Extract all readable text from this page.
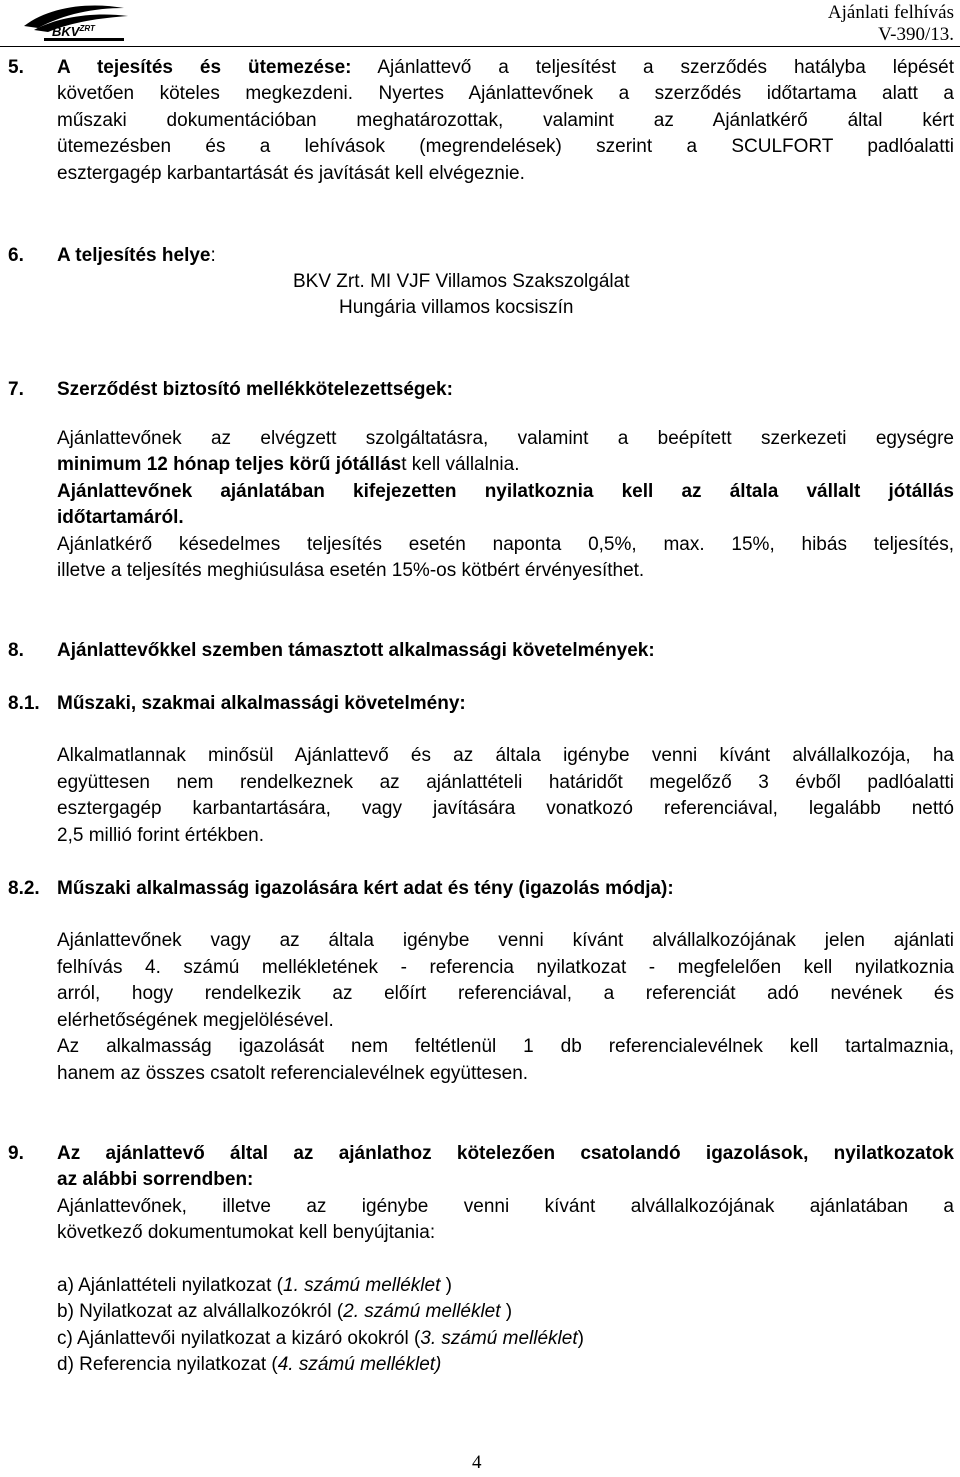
$BKV^{ZRT}$
Ajánlati felhívás
V-390/13.
5. A tejesítés és ütemezése: Ajánlattevő a teljesítést a szerződés hatályba lépését
követően köteles megkezdeni. Nyertes Ajánlattevőnek a szerződés időtartama alatt a
műszaki dokumentációban meghatározottak, valamint az Ajánlatkérő által kért
ütemezésben és a lehívások (megrendelések) szerint a SCULFORT padlóalatti
esztergagép karbantartását és javítását kell elvégeznie.
6. A teljesítés helye:
BKV Zrt. MI VJF Villamos Szakszolgálat
Hungária villamos kocsiszín
7. Szerződést biztosító mellékkötelezettségek:
Ajánlattevőnek az elvégzett szolgáltatásra, valamint a beépített szerkezeti egységre
minimum 12 hónap teljes körű jótállást kell vállalnia.
Ajánlattevőnek ajánlatában kifejezetten nyilatkoznia kell az általa vállalt jótállás
időtartamáról.
Ajánlatkérő késedelmes teljesítés esetén naponta 0,5%, max. 15%, hibás teljesítés,
illetve a teljesítés meghiúsulása esetén 15%-os kötbért érvényesíthet.
8. Ajánlattevőkkel szemben támasztott alkalmassági követelmények:
8.1. Műszaki, szakmai alkalmassági követelmény:
Alkalmatlannak minősül Ajánlattevő és az általa igénybe venni kívánt alvállalkozója, ha
együttesen nem rendelkeznek az ajánlattételi határidőt megelőző 3 évből padlóalatti
esztergagép karbantartására, vagy javítására vonatkozó referenciával, legalább nettó
2,5 millió forint értékben.
8.2. Műszaki alkalmasság igazolására kért adat és tény (igazolás módja):
Ajánlattevőnek vagy az általa igénybe venni kívánt alvállalkozójának jelen ajánlati
felhívás 4. számú mellékletének - referencia nyilatkozat - megfelelően kell nyilatkoznia
arról, hogy rendelkezik az előírt referenciával, a referenciát adó nevének és
elérhetőségének megjelölésével.
Az alkalmasság igazolását nem feltétlenül 1 db referencialevélnek kell tartalmaznia,
hanem az összes csatolt referencialevélnek együttesen.
9. Az ajánlattevő által az ajánlathoz kötelezően csatolandó igazolások, nyilatkozatok
az alábbi sorrendben:
Ajánlattevőnek, illetve az igénybe venni kívánt alvállalkozójának ajánlatában a
következő dokumentumokat kell benyújtania:
a) Ajánlattételi nyilatkozat (1. számú melléklet )
b) Nyilatkozat az alvállalkozókról (2. számú melléklet )
c) Ajánlattevői nyilatkozat a kizáró okokról (3. számú melléklet)
d) Referencia nyilatkozat (4. számú melléklet)
4
